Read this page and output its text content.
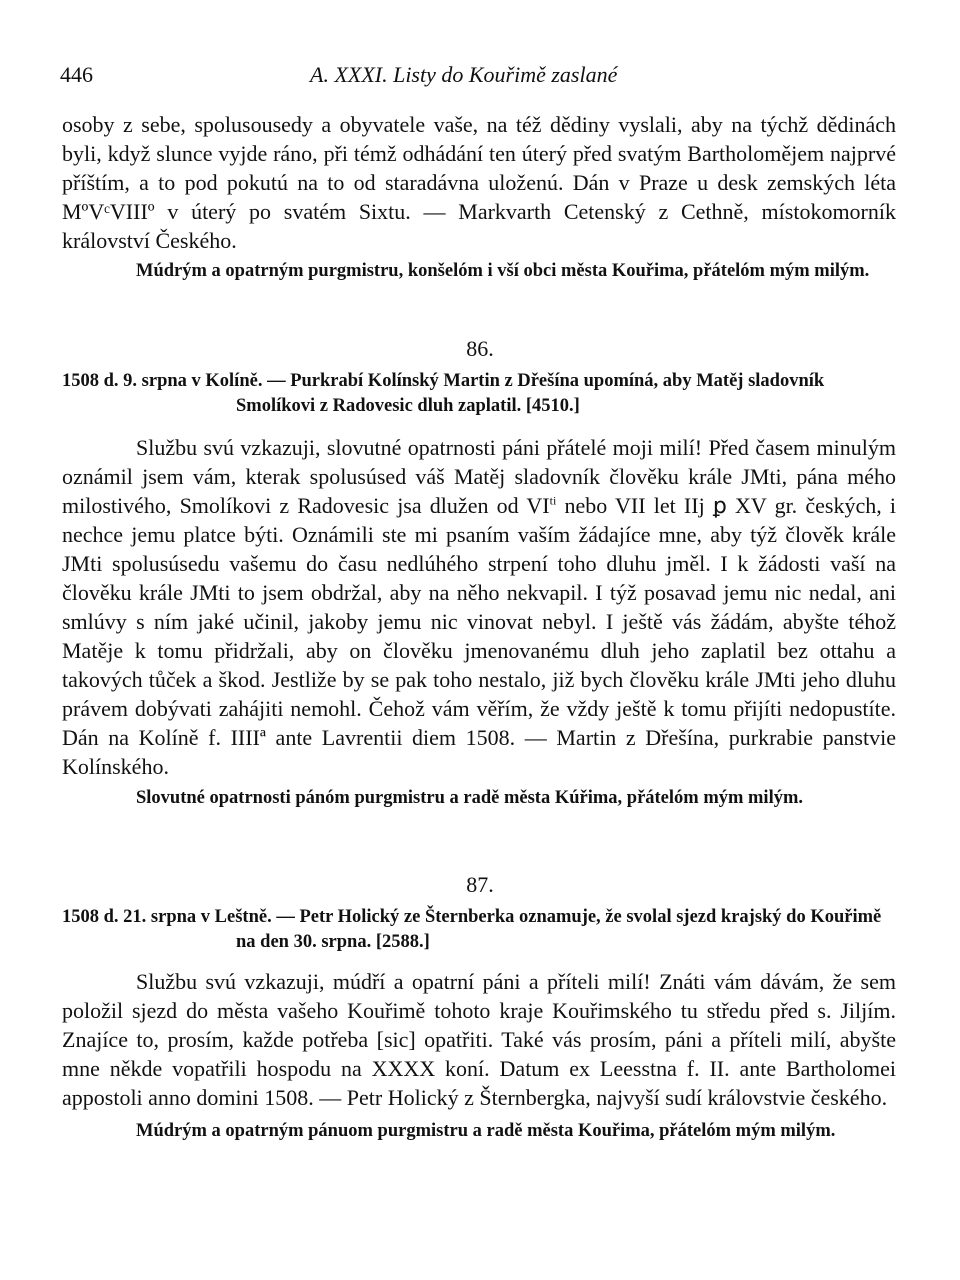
446	A. XXXI. Listy do Kouřimě zaslané

osoby z sebe, spolusousedy a obyvatele vaše, na též dědiny vyslali, aby na týchž dědinách byli, když slunce vyjde ráno, při témž odhádání ten úterý před svatým Bartholomějem najprvé příštím, a to pod pokutú na to od staradávna uloženú. Dán v Praze u desk zemských léta MºVᶜVIIIº v úterý po svatém Sixtu. — Markvarth Cetenský z Cethně, místokomorník království Českého.

Múdrým a opatrným purgmistru, konšelóm i vší obci města Kouřima, přátelóm mým milým.

86.

1508 d. 9. srpna v Kolíně. — Purkrabí Kolínský Martin z Dřešína upomíná, aby Matěj sladovník Smolíkovi z Radovesic dluh zaplatil. [4510.]

Službu svú vzkazuji, slovutné opatrnosti páni přátelé moji milí! Před časem minulým oznámil jsem vám, kterak spolusúsed váš Matěj sladovník člověku krále JMti, pána mého milostivého, Smolíkovi z Radovesic jsa dlužen od $VI^{ti}$ nebo VII let IIj ꝑ XV gr. českých, i nechce jemu platce býti. Oznámili ste mi psaním vaším žádajíce mne, aby týž člověk krále JMti spolusúsedu vašemu do času nedlúhého strpení toho dluhu jměl. I k žádosti vaší na člověku krále JMti to jsem obdržal, aby na něho nekvapil. I týž posavad jemu nic nedal, ani smlúvy s ním jaké učinil, jakoby jemu nic vinovat nebyl. I ještě vás žádám, abyšte téhož Matěje k tomu přidržali, aby on člověku jmenovanému dluh jeho zaplatil bez ottahu a takových tůček a škod. Jestliže by se pak toho nestalo, již bych člověku krále JMti jeho dluhu právem dobývati zahájiti nemohl. Čehož vám věřím, že vždy ještě k tomu přijíti nedopustíte. Dán na Kolíně f. IIIIª ante Lavrentii diem 1508. — Martin z Dřešína, purkrabie panstvie Kolínského.

Slovutné opatrnosti pánóm purgmistru a radě města Kúřima, přátelóm mým milým.

87.

1508 d. 21. srpna v Leštně. — Petr Holický ze Šternberka oznamuje, že svolal sjezd krajský do Kouřimě na den 30. srpna. [2588.]

Službu svú vzkazuji, múdří a opatrní páni a příteli milí! Znáti vám dávám, že sem položil sjezd do města vašeho Kouřimě tohoto kraje Kouřimského tu středu před s. Jiljím. Znajíce to, prosím, každe potřeba [sic] opatřiti. Také vás prosím, páni a příteli milí, abyšte mne někde vopatřili hospodu na XXXX koní. Datum ex Leesstna f. II. ante Bartholomei appostoli anno domini 1508. — Petr Holický z Šternbergka, najvyší sudí královstvie českého.

Múdrým a opatrným pánuom purgmistru a radě města Kouřima, přátelóm mým milým.
